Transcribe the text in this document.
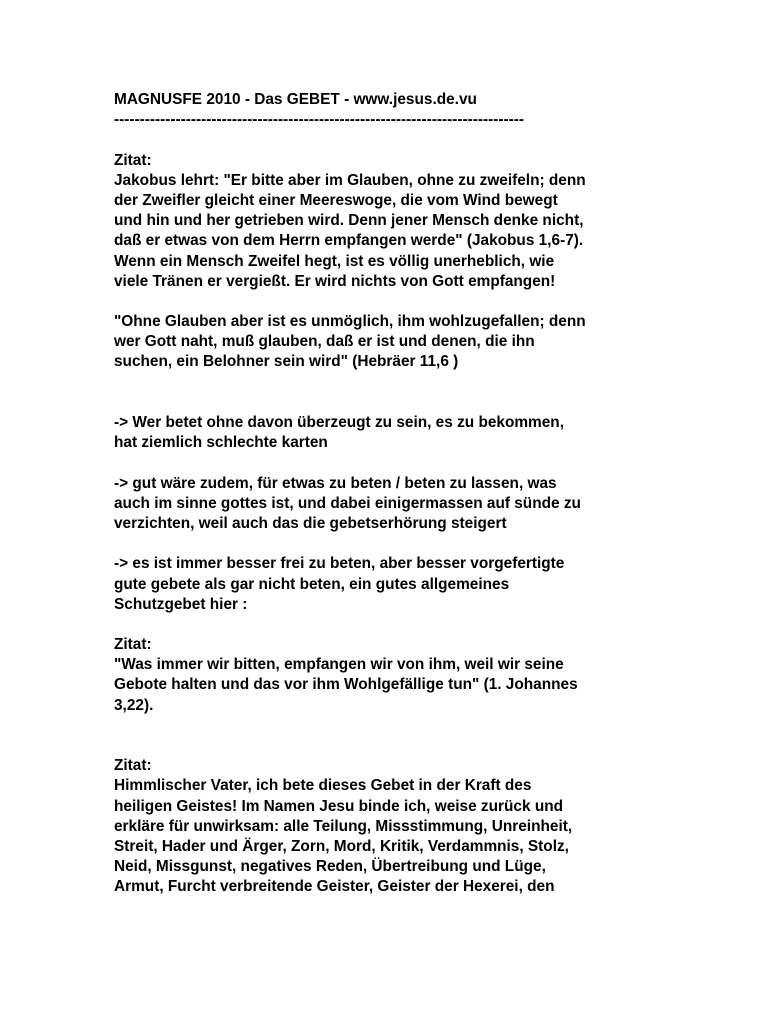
MAGNUSFE 2010 - Das GEBET - www.jesus.de.vu
--------------------------------------------------------------------------------
Zitat:
Jakobus lehrt: "Er bitte aber im Glauben, ohne zu zweifeln; denn
der Zweifler gleicht einer Meereswoge, die vom Wind bewegt
und hin und her getrieben wird. Denn jener Mensch denke nicht,
daß er etwas von dem Herrn empfangen werde" (Jakobus 1,6-7).
Wenn ein Mensch Zweifel hegt, ist es völlig unerheblich, wie
viele Tränen er vergießt. Er wird nichts von Gott empfangen!
"Ohne Glauben aber ist es unmöglich, ihm wohlzugefallen; denn
wer Gott naht, muß glauben, daß er ist und denen, die ihn
suchen, ein Belohner sein wird" (Hebräer 11,6 )
-> Wer betet ohne davon überzeugt zu sein, es zu bekommen,
hat ziemlich schlechte karten
-> gut wäre zudem, für etwas zu beten / beten zu lassen, was
auch im sinne gottes ist, und dabei einigermassen auf sünde zu
verzichten, weil auch das die gebetserhörung steigert
-> es ist immer besser frei zu beten, aber besser vorgefertigte
gute gebete als gar nicht beten, ein gutes allgemeines
Schutzgebet hier :
Zitat:
"Was immer wir bitten, empfangen wir von ihm, weil wir seine
Gebote halten und das vor ihm Wohlgefällige tun" (1. Johannes
3,22).
Zitat:
Himmlischer Vater, ich bete dieses Gebet in der Kraft des
heiligen Geistes! Im Namen Jesu binde ich, weise zurück und
erkläre für unwirksam: alle Teilung, Missstimmung, Unreinheit,
Streit, Hader und Ärger, Zorn, Mord, Kritik, Verdammnis, Stolz,
Neid, Missgunst, negatives Reden, Übertreibung und Lüge,
Armut, Furcht verbreitende Geister, Geister der Hexerei, den
